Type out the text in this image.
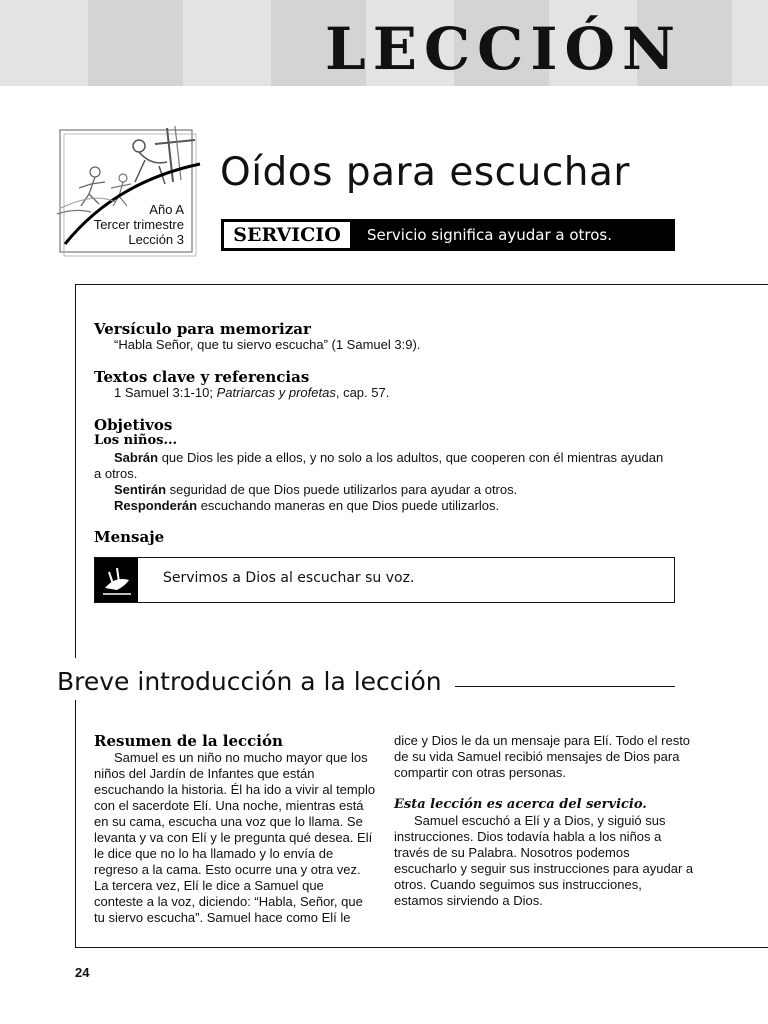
LECCIÓN
Año A
Tercer trimestre
Lección 3
Oídos para escuchar
SERVICIO	Servicio significa ayudar a otros.
Versículo para memorizar
“Habla Señor, que tu siervo escucha” (1 Samuel 3:9).
Textos clave y referencias
1 Samuel 3:1-10; Patriarcas y profetas, cap. 57.
Objetivos
Los niños...
Sabrán que Dios les pide a ellos, y no solo a los adultos, que cooperen con él mientras ayudan a otros.
Sentirán seguridad de que Dios puede utilizarlos para ayudar a otros.
Responderán escuchando maneras en que Dios puede utilizarlos.
Mensaje
Servimos a Dios al escuchar su voz.
Breve introducción a la lección
Resumen de la lección
Samuel es un niño no mucho mayor que los niños del Jardín de Infantes que están escuchando la historia. Él ha ido a vivir al templo con el sacerdote Elí. Una noche, mientras está en su cama, escucha una voz que lo llama. Se levanta y va con Elí y le pregunta qué desea. Elí le dice que no lo ha llamado y lo envía de regreso a la cama. Esto ocurre una y otra vez. La tercera vez, Elí le dice a Samuel que conteste a la voz, diciendo: “Habla, Señor, que tu siervo escucha”. Samuel hace como Elí le
dice y Dios le da un mensaje para Elí. Todo el resto de su vida Samuel recibió mensajes de Dios para compartir con otras personas.
Esta lección es acerca del servicio.
Samuel escuchó a Elí y a Dios, y siguió sus instrucciones. Dios todavía habla a los niños a través de su Palabra. Nosotros podemos escucharlo y seguir sus instrucciones para ayudar a otros. Cuando seguimos sus instrucciones, estamos sirviendo a Dios.
24
